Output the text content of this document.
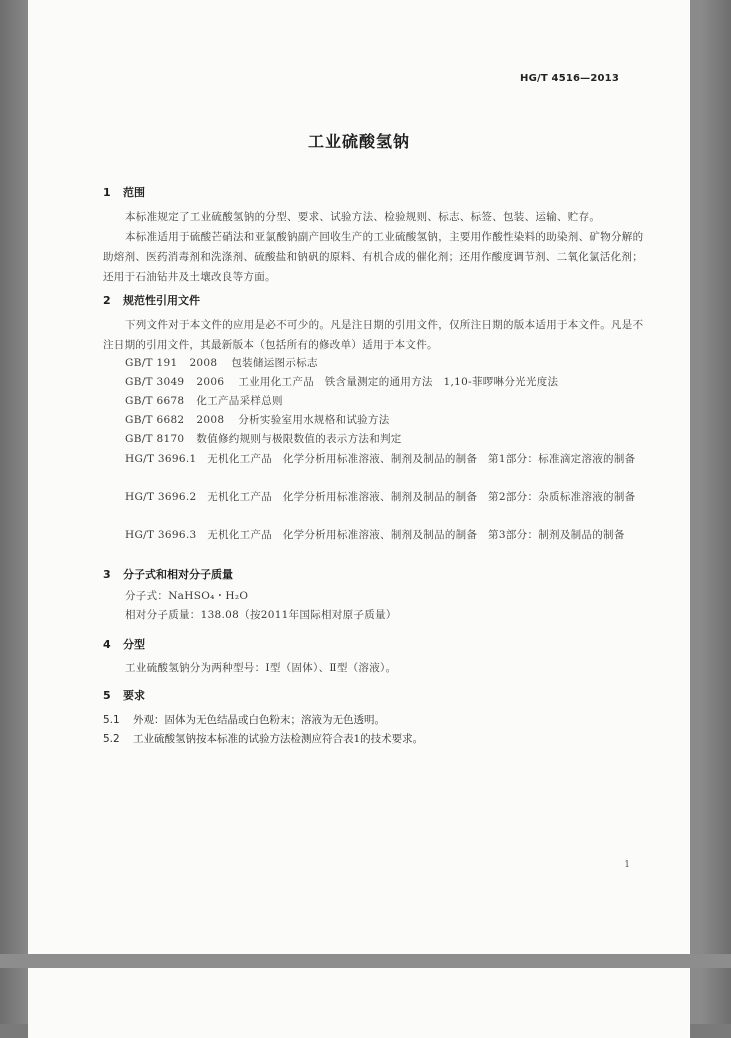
HG/T 4516—2013
工业硫酸氢钠
1 范围
本标准规定了工业硫酸氢钠的分型、要求、试验方法、检验规则、标志、标签、包装、运输、贮存。
本标准适用于硫酸芒硝法和亚氯酸钠副产回收生产的工业硫酸氢钠，主要用作酸性染料的助染剂、矿物分解的助熔剂、医药消毒剂和洗涤剂、硫酸盐和钠矾的原料、有机合成的催化剂；还用作酸度调节剂、二氧化氯活化剂；还用于石油钻井及土壤改良等方面。
2 规范性引用文件
下列文件对于本文件的应用是必不可少的。凡是注日期的引用文件，仅所注日期的版本适用于本文件。凡是不注日期的引用文件，其最新版本（包括所有的修改单）适用于本文件。
GB/T 191 2008 包装储运图示标志
GB/T 3049 2006 工业用化工产品　铁含量测定的通用方法　1,10-菲啰啉分光光度法
GB/T 6678 化工产品采样总则
GB/T 6682 2008 分析实验室用水规格和试验方法
GB/T 8170 数值修约规则与极限数值的表示方法和判定
HG/T 3696.1　无机化工产品　化学分析用标准溶液、制剂及制品的制备　第1部分：标准滴定溶液的制备
HG/T 3696.2　无机化工产品　化学分析用标准溶液、制剂及制品的制备　第2部分：杂质标准溶液的制备
HG/T 3696.3　无机化工产品　化学分析用标准溶液、制剂及制品的制备　第3部分：制剂及制品的制备
3 分子式和相对分子质量
分子式：NaHSO₄・H₂O
相对分子质量：138.08（按2011年国际相对原子质量）
4 分型
工业硫酸氢钠分为两种型号：Ⅰ型（固体）、Ⅱ型（溶液）。
5 要求
5.1 外观：固体为无色结晶或白色粉末；溶液为无色透明。
5.2 工业硫酸氢钠按本标准的试验方法检测应符合表1的技术要求。
1
